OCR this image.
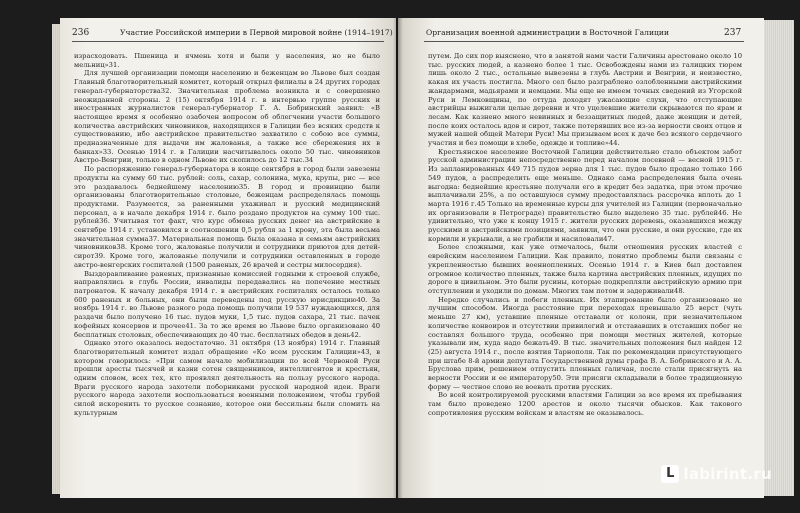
236	Участие Российской империи в Первой мировой войне (1914–1917)

израсходовать. Пшеница и ячмень хотя и были у населения, но не было мельниц»31.

Для лучшей организации помощи населению и беженцам во Львове был создан Главный благотворительный комитет, который открыл филиалы в 24 других городах генерал-губернаторства32. Значительная проблема возникла и с совершенно неожиданной стороны. 2 (15) октября 1914 г. в интервью группе русских и иностранных журналистов генерал-губернатор Г. А. Бобринский заявил: «В настоящее время я особенно озабочен вопросом об облегчении участи большого количества австрийских чиновников, находящихся в Галиции без всяких средств к существованию, ибо австрийское правительство захватило с собою все суммы, предназначенные для выдачи им жалованья, а также все сбережения их в банках»33. Осенью 1914 г. в Галиции насчитывалось около 50 тыс. чиновников Австро-Венгрии, только в одном Львове их скопилось до 12 тыс.34

По распоряжению генерал-губернатора в конце сентября в город были завезены продукты на сумму 60 тыс. рублей: соль, сахар, солонина, мука, крупы, рис — все это раздавалось беднейшему населению35. В город и провинцию были организованы благотворительные столовые, беженцам распределялась помощь продуктами. Разумеется, за раненными ухаживал и русский медицинский персонал, а в начале декабря 1914 г. было роздано продуктов на сумму 100 тыс. рублей36. Учитывая тот факт, что курс обмена русских денег на австрийские в сентябре 1914 г. установился в соотношении 0,5 рубля за 1 крону, эта была весьма значительная сумма37. Материальная помощь была оказана и семьям австрийских чиновников38. Кроме того, жалованье получили и сотрудники приютов для детей-сирот39. Кроме того, жалованье получили и сотрудники оставленных в городе австро-венгерских госпиталей (1500 раненых, 26 врачей и сестры милосердия).

Выздоравливание раненых, признанные комиссией годными к строевой службе, направлялись в глубь России, инвалиды передавались на попечение местных патронатов. К началу декабря 1914 г. в австрийских госпиталях осталось только 600 раненых и больных, они были переведены под русскую юрисдикцию40. За ноябрь 1914 г. во Львове разного рода помощь получили 19 537 нуждающихся, для раздачи было получено 16 тыс. пудов муки, 1,5 тыс. пудов сахара, 21 тыс. пачек кофейных консервов и прочее41. За то же время во Львове было организовано 40 бесплатных столовых, обеспечивающих до 40 тыс. бесплатных обедов в день42.

Однако этого оказалось недостаточно. 31 октября (13 ноября) 1914 г. Главный благотворительный комитет издал обращение «Ко всем русским Галиции»43, в котором говорилось: «При самом начале мобилизации по всей Червоной Руси прошли аресты тысячей и казни сотен священников, интеллигентов и крестьян, одним словом, всех тех, кто проявлял деятельность на пользу русского народа. Враги русского народа захотели поборниками русской народной идеи. Враги русского народа захотели воспользоваться военными положением, чтобы грубой силой искоренить то русское сознание, которое они бессильны были сломить на культурным

Организация военной администрации в Восточной Галиции	237

путем. До сих пор выяснено, что в занятой нами части Галичины арестовано около 10 тыс. русских людей, а казнено более 1 тыс. Освобождены нами из галицких тюрем лишь около 2 тыс., остальные вывезены в глубь Австрии и Венгрии, и неизвестно, какая их участь постигла. Много сел было разграблено озлобленными австрийскими жандармами, мадьярами и немцами. Мы еще не имеем точных сведений из Угорской Руси и Лемковщины, по оттуда доходят ужасающие слухи, что отступающие австрийцы выжигали целые деревни и что уцелевшие жители скрываются по ярам и лесам. Как казнено много невинных и беззащитных людей, даже женщин и детей, после коих осталось вдов и сирот, также потерявших все из-за верности своих отцов и мужей нашей общей Матери Руси! Мы призываем всех к даче без всякого сердечного участия и без помощи в хлебе, одежде и топливе»44.

Крестьянское население Восточной Галиции действительно стало объектом забот русской администрации непосредственно перед началом посевной — весной 1915 г. Из запланированных 449 715 пудов зерна для 1 тыс. пудов было продано только 166 549 пудов, а распределить еще меньше. Однако сама распределения была очень выгодна: беднейшие крестьяне получали его в кредит без задатка, при этом прочие выплачивали 25%, а по оставшуюся сумму предоставлялась рассрочка вплоть до 1 марта 1916 г.45 Только на временные курсы для учителей из Галиции (первоначально их организовали в Петрограде) правительство было выделено 35 тыс. рублей46. Не удивительно, что уже к концу 1915 г. жители русских деревень, оказавшихся между русскими и австрийскими позициями, заявили, что они русские, и они русские, где их кормили и укрывали, а не грабили и насиловали47.

Более сложными, как уже отмечалось, были отношения русских властей с еврейским населением Галиции. Как правило, понятно проблемы были связаны с укрепленностью бывших военнопленных. Осенью 1914 г. в Киев был доставлен огромное количество пленных, также была картина австрийских пленных, идущих по дороге в цивильном. Это были русины, которые подкрепляли австрийскую армию при отступлении и уходили по домам. Многих там потом и задерживали48.

Нередко случались и побеги пленных. Их этапирование было организовано не лучшим способом. Иногда расстояние при переходах превышало 25 верст (чуть меньше 27 км), уставшие пленные отставали от колонн, при незначительном количестве конвоиров и отсутствии привилегий и отстававших в отставших побег не составлял большого труда, особенно при помощи местных жителей, которые указывали им, куда надо бежать49. В тыс. значительных положения был найден 12 (25) августа 1914 г., после взятия Тарнополя. Так по рекомендации присутствующего при штабе 8-й армии депутата Государственной думы графа В. А. Бобринского и А. А. Бруслова прим, решением отпустить пленных галичан, после стали присягнуть на верности России и ее императору50. Эти присяги складывали в более традиционную форму — честное слово не воевать против русских.

Во всей контролируемой русскими властями Галиции за все время их пребывания там было проведено 1200 арестов и около тысячи обысков. Как такового сопротивления русским войскам и властям не оказывалось.

L labirint.ru
